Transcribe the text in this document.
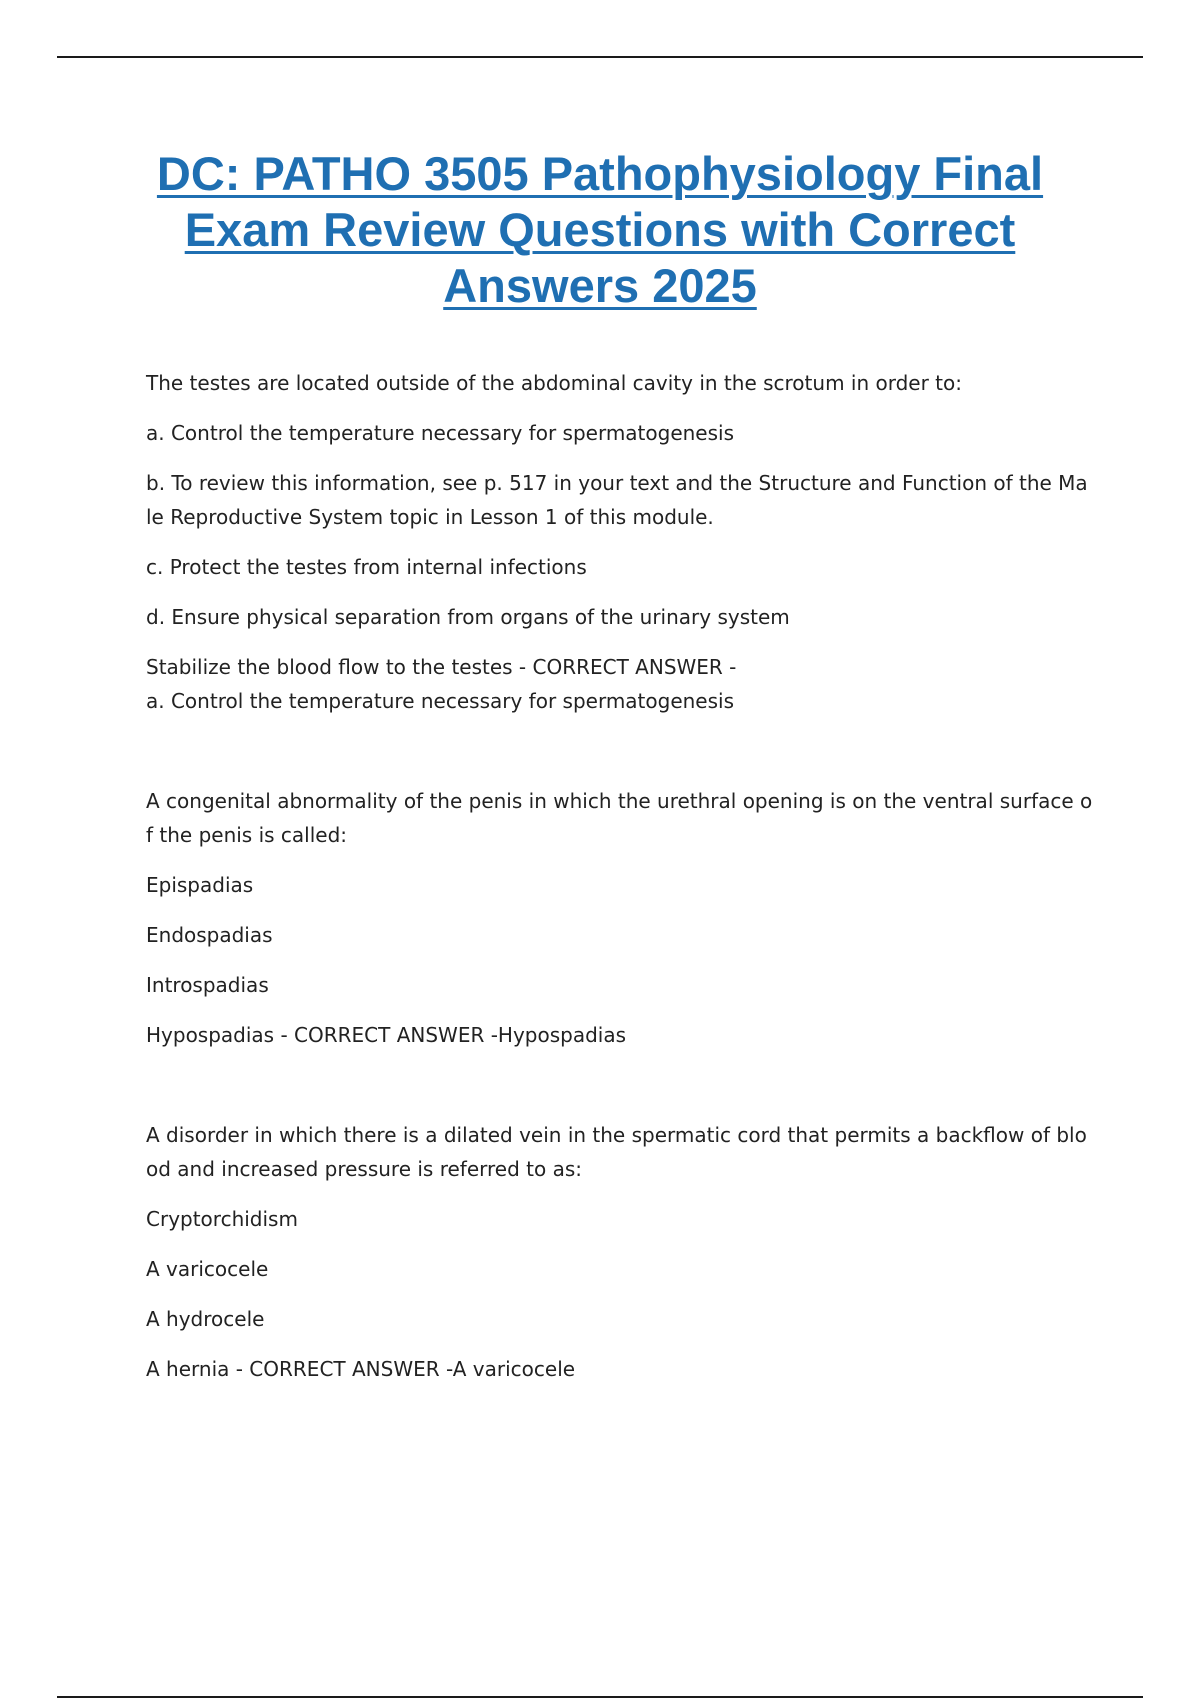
DC: PATHO 3505 Pathophysiology Final
Exam Review Questions with Correct
Answers 2025

The testes are located outside of the abdominal cavity in the scrotum in order to:

a. Control the temperature necessary for spermatogenesis

b. To review this information, see p. 517 in your text and the Structure and Function of the Ma le Reproductive System topic in Lesson 1 of this module.

c. Protect the testes from internal infections

d. Ensure physical separation from organs of the urinary system

Stabilize the blood flow to the testes - CORRECT ANSWER -

a. Control the temperature necessary for spermatogenesis

A congenital abnormality of the penis in which the urethral opening is on the ventral surface o f the penis is called:

Epispadias

Endospadias

Introspadias

Hypospadias - CORRECT ANSWER -Hypospadias

A disorder in which there is a dilated vein in the spermatic cord that permits a backflow of blo od and increased pressure is referred to as:

Cryptorchidism

A varicocele

A hydrocele

A hernia - CORRECT ANSWER -A varicocele
